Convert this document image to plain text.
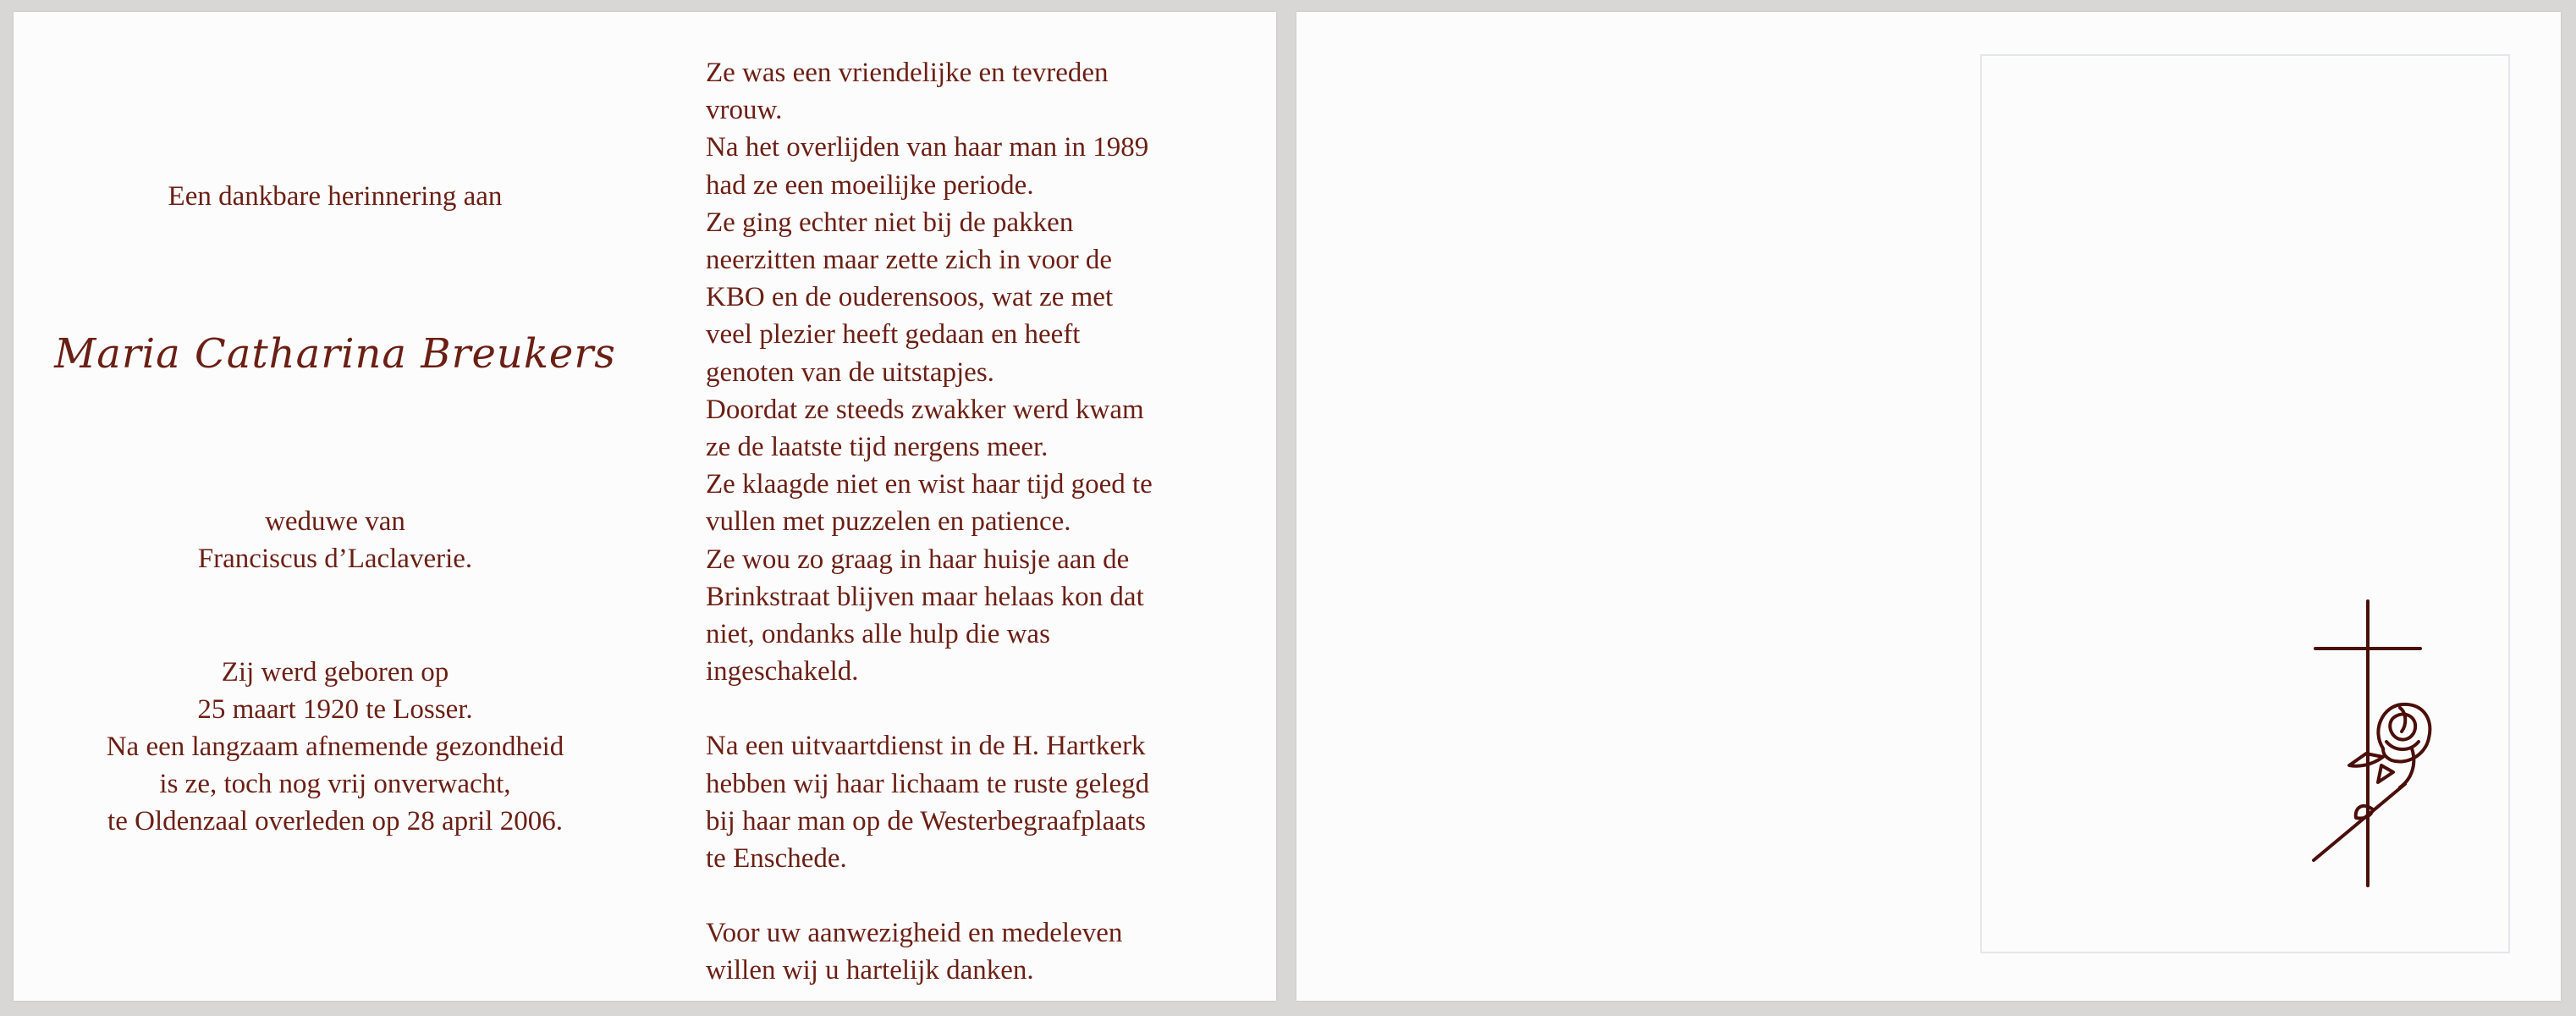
Een dankbare herinnering aan
Maria Catharina Breukers
weduwe van
Franciscus d’Laclaverie.
Zij werd geboren op
25 maart 1920 te Losser.
Na een langzaam afnemende gezondheid
is ze, toch nog vrij onverwacht,
te Oldenzaal overleden op 28 april 2006.
Ze was een vriendelijke en tevreden
vrouw.
Na het overlijden van haar man in 1989
had ze een moeilijke periode.
Ze ging echter niet bij de pakken
neerzitten maar zette zich in voor de
KBO en de ouderensoos, wat ze met
veel plezier heeft gedaan en heeft
genoten van de uitstapjes.
Doordat ze steeds zwakker werd kwam
ze de laatste tijd nergens meer.
Ze klaagde niet en wist haar tijd goed te
vullen met puzzelen en patience.
Ze wou zo graag in haar huisje aan de
Brinkstraat blijven maar helaas kon dat
niet, ondanks alle hulp die was
ingeschakeld.
Na een uitvaartdienst in de H. Hartkerk
hebben wij haar lichaam te ruste gelegd
bij haar man op de Westerbegraafplaats
te Enschede.
Voor uw aanwezigheid en medeleven
willen wij u hartelijk danken.
